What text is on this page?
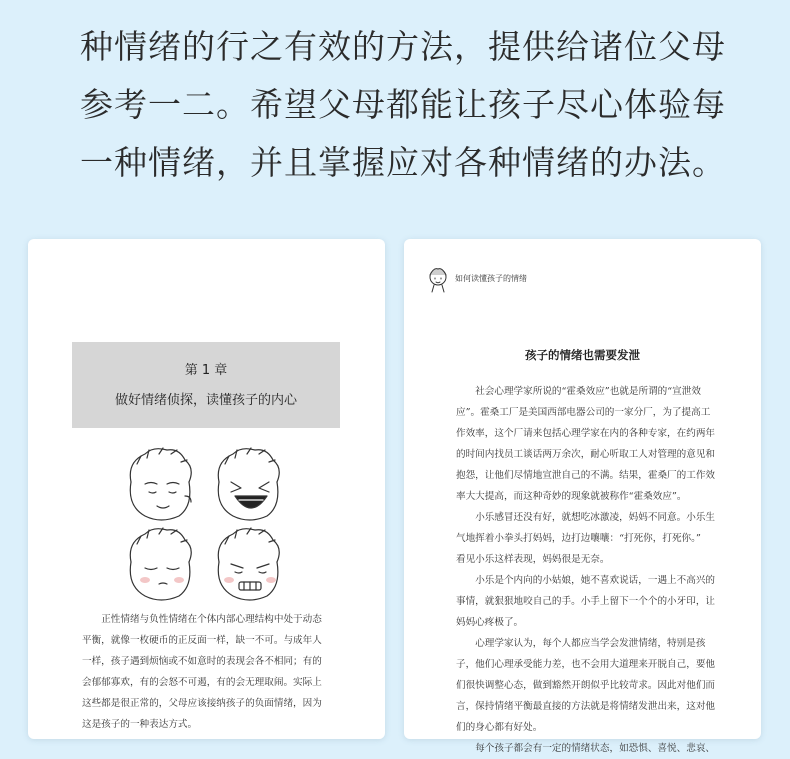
种情绪的行之有效的方法，提供给诸位父母
参考一二。希望父母都能让孩子尽心体验每
一种情绪，并且掌握应对各种情绪的办法。
第 1 章
做好情绪侦探，读懂孩子的内心

正性情绪与负性情绪在个体内部心理结构中处于动态

平衡，就像一枚硬币的正反面一样，缺一不可。与成年人

一样，孩子遇到烦恼或不如意时的表现会各不相同；有的

会郁郁寡欢，有的会怒不可遏，有的会无理取闹。实际上

这些都是很正常的，父母应该接纳孩子的负面情绪，因为

这是孩子的一种表达方式。

如何读懂孩子的情绪
孩子的情绪也需要发泄

社会心理学家所说的“霍桑效应”也就是所谓的“宣泄效

应”。霍桑工厂是美国西部电器公司的一家分厂，为了提高工

作效率，这个厂请来包括心理学家在内的各种专家，在约两年

的时间内找员工谈话两万余次，耐心听取工人对管理的意见和

抱怨，让他们尽情地宣泄自己的不满。结果，霍桑厂的工作效

率大大提高，而这种奇妙的现象就被称作“霍桑效应”。

小乐感冒还没有好，就想吃冰激凌，妈妈不同意。小乐生

气地挥着小拳头打妈妈，边打边嚷嚷：“打死你，打死你。”

看见小乐这样表现，妈妈很是无奈。

小乐是个内向的小姑娘，她不喜欢说话，一遇上不高兴的

事情，就狠狠地咬自己的手。小手上留下一个个的小牙印，让

妈妈心疼极了。

心理学家认为，每个人都应当学会发泄情绪，特别是孩

子，他们心理承受能力差，也不会用大道理来开脱自己，要他

们很快调整心态，做到豁然开朗似乎比较苛求。因此对他们而

言，保持情绪平衡最直接的方法就是将情绪发泄出来，这对他

们的身心都有好处。

每个孩子都会有一定的情绪状态，如恐惧、喜悦、悲哀、
